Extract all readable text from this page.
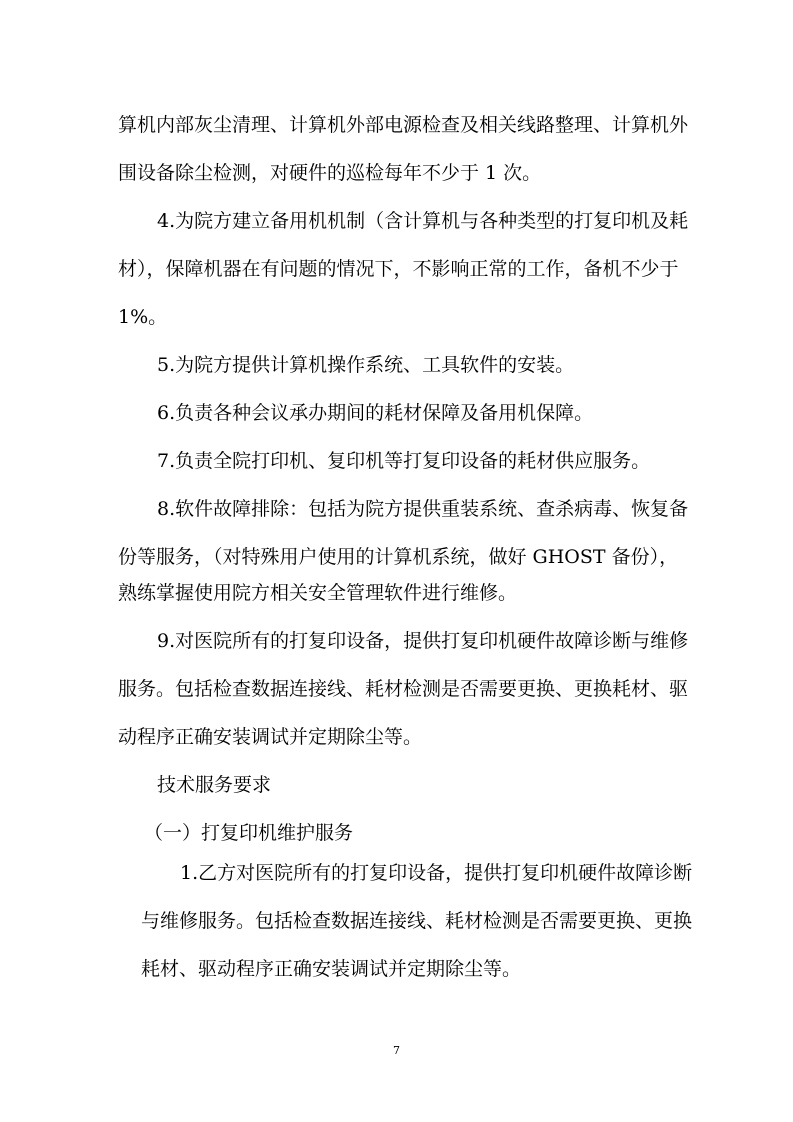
算机内部灰尘清理、计算机外部电源检查及相关线路整理、计算机外
围设备除尘检测，对硬件的巡检每年不少于 1 次。
4.为院方建立备用机机制（含计算机与各种类型的打复印机及耗
材），保障机器在有问题的情况下，不影响正常的工作，备机不少于
1%。
5.为院方提供计算机操作系统、工具软件的安装。
6.负责各种会议承办期间的耗材保障及备用机保障。
7.负责全院打印机、复印机等打复印设备的耗材供应服务。
8.软件故障排除：包括为院方提供重装系统、查杀病毒、恢复备
份等服务，（对特殊用户使用的计算机系统，做好 GHOST 备份），
熟练掌握使用院方相关安全管理软件进行维修。
9.对医院所有的打复印设备，提供打复印机硬件故障诊断与维修
服务。包括检查数据连接线、耗材检测是否需要更换、更换耗材、驱
动程序正确安装调试并定期除尘等。
技术服务要求
（一）打复印机维护服务
1.乙方对医院所有的打复印设备，提供打复印机硬件故障诊断
与维修服务。包括检查数据连接线、耗材检测是否需要更换、更换
耗材、驱动程序正确安装调试并定期除尘等。
7
